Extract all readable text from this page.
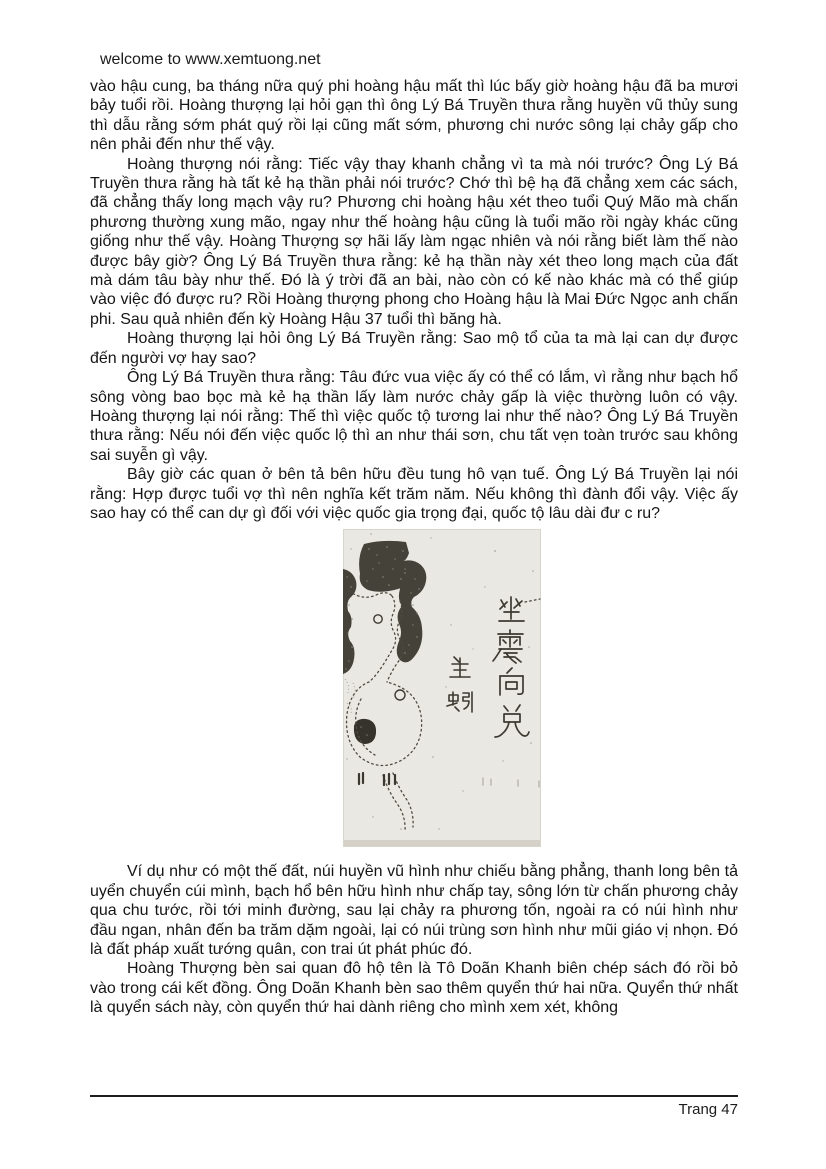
welcome to www.xemtuong.net

vào hậu cung, ba tháng nữa quý phi hoàng hậu mất thì lúc bấy giờ hoàng hậu đã ba mươi bảy tuổi rồi. Hoàng thượng lại hỏi gạn thì ông Lý Bá Truyền thưa rằng huyền vũ thủy sung thì dẫu rằng sớm phát quý rồi lại cũng mất sớm, phương chi nước sông lại chảy gấp cho nên phải đến như thế vậy.

Hoàng thượng nói rằng: Tiếc vậy thay khanh chẳng vì ta mà nói trước? Ông Lý Bá Truyền thưa rằng hà tất kẻ hạ thần phải nói trước? Chớ thì bệ hạ đã chẳng xem các sách, đã chẳng thấy long mạch vậy ru? Phương chi hoàng hậu xét theo tuổi Quý Mão mà chấn phương thường xung mão, ngay như thế hoàng hậu cũng là tuổi mão rồi ngày khác cũng giống như thế vậy. Hoàng Thượng sợ hãi lấy làm ngạc nhiên và nói rằng biết làm thế nào được bây giờ? Ông Lý Bá Truyền thưa rằng: kẻ hạ thần này xét theo long mạch của đất mà dám tâu bày như thế. Đó là ý trời đã an bài, nào còn có kế nào khác mà có thể giúp vào việc đó được ru? Rồi Hoàng thượng phong cho Hoàng hậu là Mai Đức Ngọc anh chấn phi. Sau quả nhiên đến kỳ Hoàng Hậu 37 tuổi thì băng hà.

Hoàng thượng lại hỏi ông Lý Bá Truyền rằng: Sao mộ tổ của ta mà lại can dự được đến người vợ hay sao?

Ông Lý Bá Truyền thưa rằng: Tâu đức vua việc ấy có thể có lắm, vì rằng như bạch hổ sông vòng bao bọc mà kẻ hạ thần lấy làm nước chảy gấp là việc thường luôn có vậy. Hoàng thượng lại nói rằng: Thế thì việc quốc tộ tương lai như thế nào? Ông Lý Bá Truyền thưa rằng: Nếu nói đến việc quốc lộ thì an như thái sơn, chu tất vẹn toàn trước sau không sai suyễn gì vậy.

Bây giờ các quan ở bên tả bên hữu đều tung hô vạn tuế. Ông Lý Bá Truyền lại nói rằng: Hợp được tuổi vợ thì nên nghĩa kết trăm năm. Nếu không thì đành đổi vậy. Việc ấy sao hay có thể can dự gì đối với việc quốc gia trọng đại, quốc tộ lâu dài đư c ru?

Ví dụ như có một thế đất, núi huyền vũ hình như chiếu bằng phẳng, thanh long bên tả uyển chuyển cúi mình, bạch hổ bên hữu hình như chấp tay, sông lớn từ chấn phương chảy qua chu tước, rồi tới minh đường, sau lại chảy ra phương tốn, ngoài ra có núi hình như đầu ngan, nhân đến ba trăm dặm ngoài, lại có núi trùng sơn hình như mũi giáo vị nhọn. Đó là đất pháp xuất tướng quân, con trai út phát phúc đó.

Hoàng Thượng bèn sai quan đô hộ tên là Tô Doãn Khanh biên chép sách đó rồi bỏ vào trong cái kết đồng. Ông Doãn Khanh bèn sao thêm quyển thứ hai nữa. Quyển thứ nhất là quyển sách này, còn quyển thứ hai dành riêng cho mình xem xét, không

Trang 47
